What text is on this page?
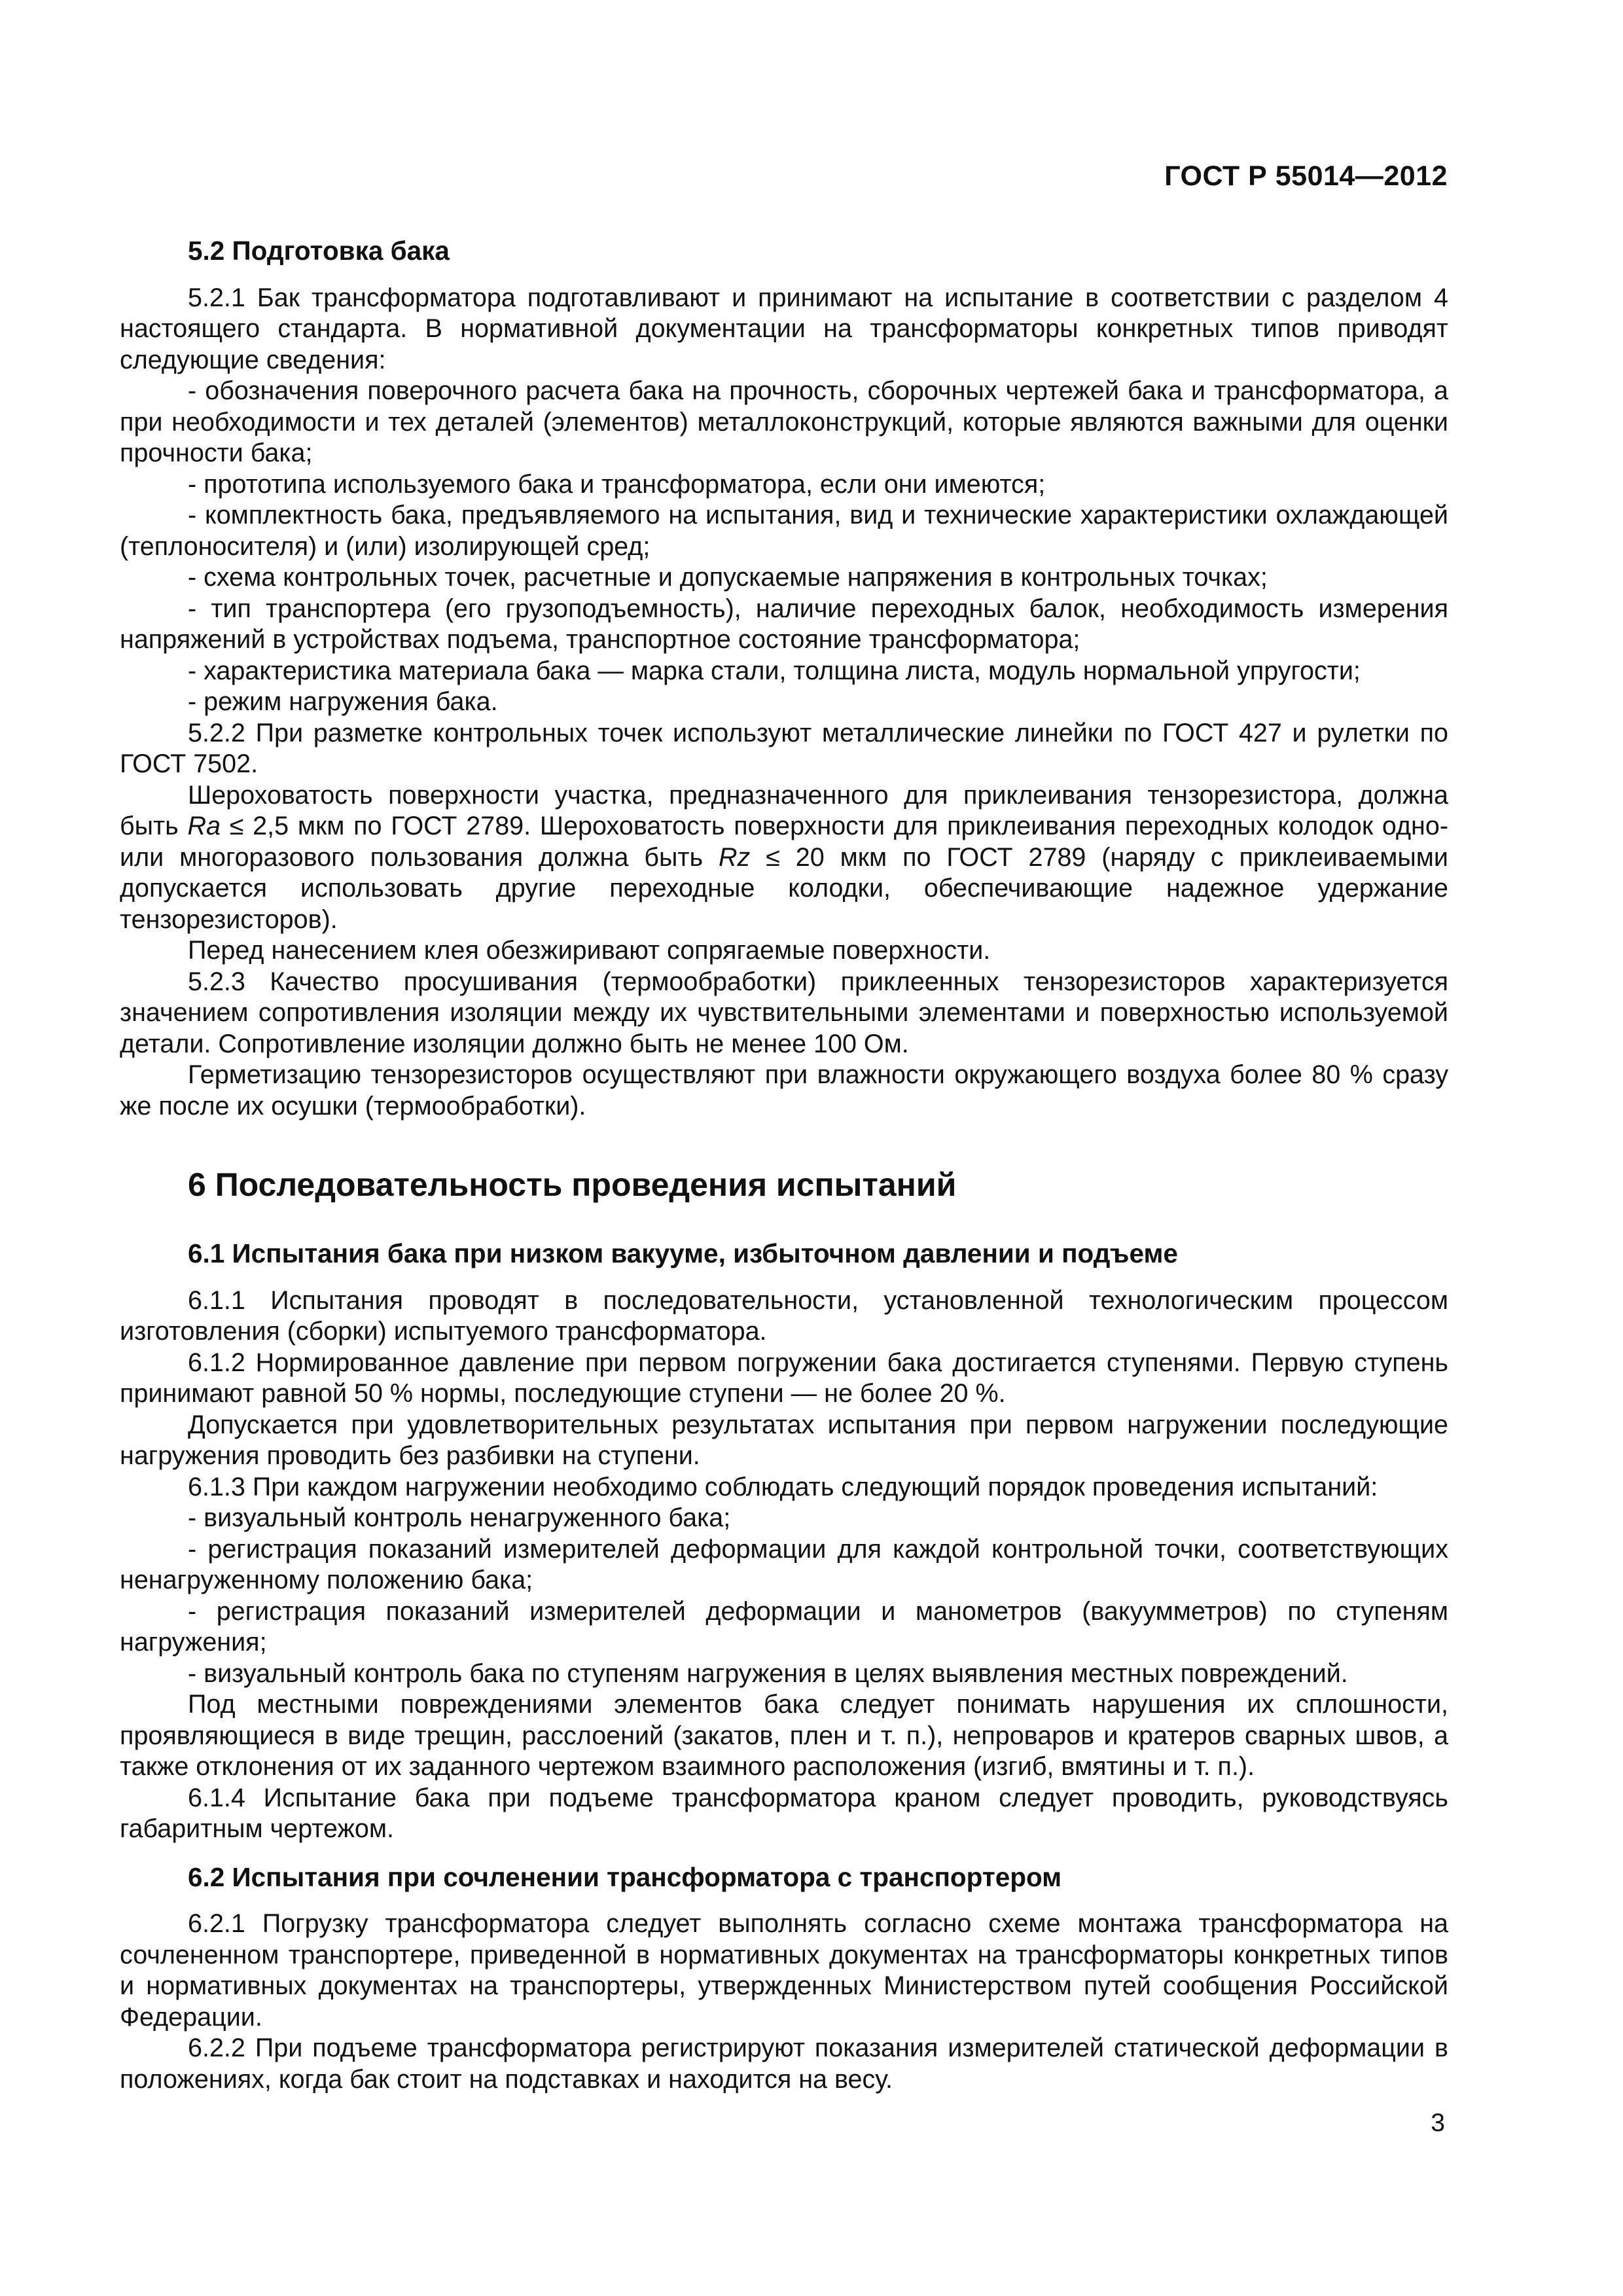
ГОСТ Р 55014—2012

5.2 Подготовка бака

5.2.1 Бак трансформатора подготавливают и принимают на испытание в соответствии с разделом 4 настоящего стандарта. В нормативной документации на трансформаторы конкретных типов приводят следующие сведения:

- обозначения поверочного расчета бака на прочность, сборочных чертежей бака и трансформатора, а при необходимости и тех деталей (элементов) металлоконструкций, которые являются важными для оценки прочности бака;

- прототипа используемого бака и трансформатора, если они имеются;

- комплектность бака, предъявляемого на испытания, вид и технические характеристики охлаждающей (теплоносителя) и (или) изолирующей сред;

- схема контрольных точек, расчетные и допускаемые напряжения в контрольных точках;

- тип транспортера (его грузоподъемность), наличие переходных балок, необходимость измерения напряжений в устройствах подъема, транспортное состояние трансформатора;

- характеристика материала бака — марка стали, толщина листа, модуль нормальной упругости;

- режим нагружения бака.

5.2.2 При разметке контрольных точек используют металлические линейки по ГОСТ 427 и рулетки по ГОСТ 7502.

Шероховатость поверхности участка, предназначенного для приклеивания тензорезистора, должна быть Ra ≤ 2,5 мкм по ГОСТ 2789. Шероховатость поверхности для приклеивания переходных колодок одно- или многоразового пользования должна быть Rz ≤ 20 мкм по ГОСТ 2789 (наряду с приклеиваемыми допускается использовать другие переходные колодки, обеспечивающие надежное удержание тензорезисторов).

Перед нанесением клея обезжиривают сопрягаемые поверхности.

5.2.3 Качество просушивания (термообработки) приклеенных тензорезисторов характеризуется значением сопротивления изоляции между их чувствительными элементами и поверхностью используемой детали. Сопротивление изоляции должно быть не менее 100 Ом.

Герметизацию тензорезисторов осуществляют при влажности окружающего воздуха более 80 % сразу же после их осушки (термообработки).

6 Последовательность проведения испытаний

6.1 Испытания бака при низком вакууме, избыточном давлении и подъеме

6.1.1 Испытания проводят в последовательности, установленной технологическим процессом изготовления (сборки) испытуемого трансформатора.

6.1.2 Нормированное давление при первом погружении бака достигается ступенями. Первую ступень принимают равной 50 % нормы, последующие ступени — не более 20 %.

Допускается при удовлетворительных результатах испытания при первом нагружении последующие нагружения проводить без разбивки на ступени.

6.1.3 При каждом нагружении необходимо соблюдать следующий порядок проведения испытаний:

- визуальный контроль ненагруженного бака;

- регистрация показаний измерителей деформации для каждой контрольной точки, соответствующих ненагруженному положению бака;

- регистрация показаний измерителей деформации и манометров (вакуумметров) по ступеням нагружения;

- визуальный контроль бака по ступеням нагружения в целях выявления местных повреждений.

Под местными повреждениями элементов бака следует понимать нарушения их сплошности, проявляющиеся в виде трещин, расслоений (закатов, плен и т. п.), непроваров и кратеров сварных швов, а также отклонения от их заданного чертежом взаимного расположения (изгиб, вмятины и т. п.).

6.1.4 Испытание бака при подъеме трансформатора краном следует проводить, руководствуясь габаритным чертежом.

6.2 Испытания при сочленении трансформатора с транспортером

6.2.1 Погрузку трансформатора следует выполнять согласно схеме монтажа трансформатора на сочлененном транспортере, приведенной в нормативных документах на трансформаторы конкретных типов и нормативных документах на транспортеры, утвержденных Министерством путей сообщения Российской Федерации.

6.2.2 При подъеме трансформатора регистрируют показания измерителей статической деформации в положениях, когда бак стоит на подставках и находится на весу.

3
